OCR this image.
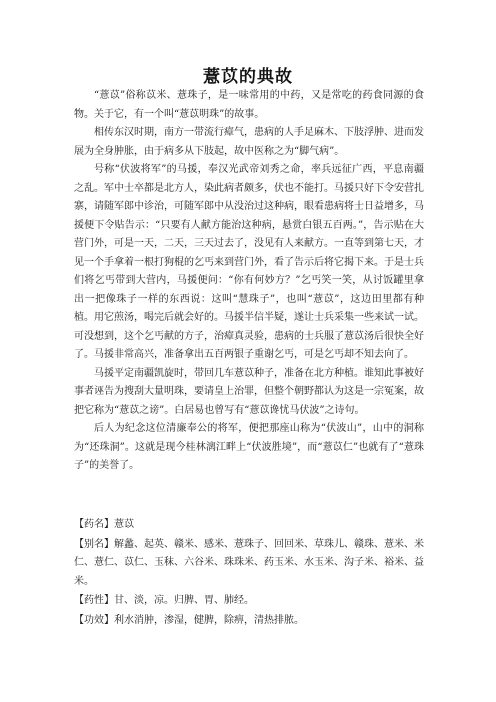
薏苡的典故

“薏苡”俗称苡米、薏珠子，是一味常用的中药，又是常吃的药食同源的食物。关于它，有一个叫“薏苡明珠”的故事。

相传东汉时期，南方一带流行瘴气，患病的人手足麻木、下肢浮肿、进而发展为全身肿胀，由于病多从下肢起，故中医称之为“脚气病”。

号称“伏波将军”的马援，奉汉光武帝刘秀之命，率兵远征广西，平息南疆之乱。军中士卒都是北方人，染此病者颇多，伏也不能打。马援只好下令安营扎寨，请随军郎中诊治，可随军郎中从没治过这种病，眼看患病将士日益增多，马援便下令贴告示：“只要有人献方能治这种病，悬赏白银五百两。”，告示贴在大营门外，可是一天，二天，三天过去了，没见有人来献方。一直等到第七天，才见一个手拿着一根打狗棍的乞丐来到营门外，看了告示后将它揭下来。于是士兵们将乞丐带到大营内，马援便问：“你有何妙方？”乞丐笑一笑，从讨饭罐里拿出一把像珠子一样的东西说：这叫“慧珠子”，也叫“薏苡”，这边田里都有种植。用它煎汤，喝完后就会好的。马援半信半疑，遂让士兵采集一些来试一试。可没想到，这个乞丐献的方子，治瘴真灵验，患病的士兵服了薏苡汤后很快全好了。马援非常高兴，准备拿出五百两银子重谢乞丐，可是乞丐却不知去向了。

马援平定南疆凯旋时，带回几车薏苡种子，准备在北方种植。谁知此事被好事者诬告为搜刮大量明珠，要请皇上治罪，但整个朝野都认为这是一宗冤案，故把它称为“薏苡之谤”。白居易也曾写有“薏苡谗忧马伏波”之诗句。

后人为纪念这位清廉奉公的将军，便把那座山称为“伏波山”，山中的洞称为“还珠洞”。这就是现今桂林漓江畔上“伏波胜境”，而“薏苡仁”也就有了“薏珠子”的美誉了。

【药名】薏苡

【别名】解蠡、起英、赣米、感米、薏珠子、回回米、草珠儿、赣珠、薏米、米仁、薏仁、苡仁、玉秣、六谷米、珠珠米、药玉米、水玉米、沟子米、裕米、益米。

【药性】甘、淡，凉。归脾、胃、肺经。

【功效】利水消肿，渗湿，健脾，除痹，清热排脓。
